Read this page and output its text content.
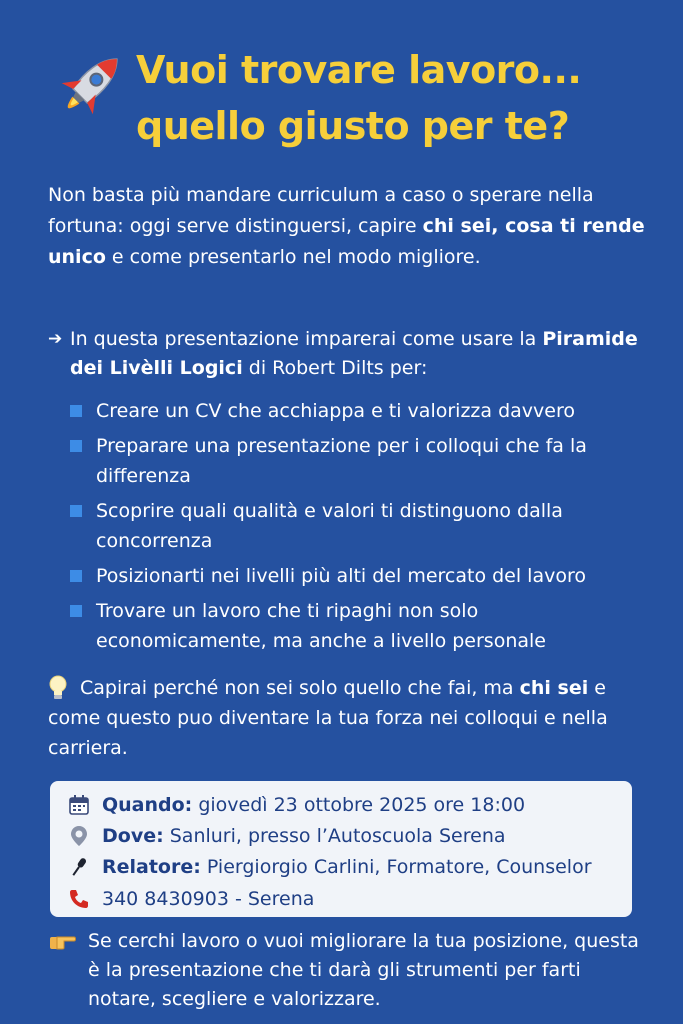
Vuoi trovare lavoro...
quello giusto per te?
Non basta più mandare curriculum a caso o sperare nella fortuna: oggi serve distinguersi, capire chi sei, cosa ti rende unico e come presentarlo nel modo migliore.
➔ In questa presentazione imparerai come usare la Piramide dei Livèlli Logici di Robert Dilts per:
Creare un CV che acchiappa e ti valorizza davvero
Preparare una presentazione per i colloqui che fa la differenza
Scoprire quali qualità e valori ti distinguono dalla concorrenza
Posizionarti nei livelli più alti del mercato del lavoro
Trovare un lavoro che ti ripaghi non solo economicamente, ma anche a livello personale
Capirai perché non sei solo quello che fai, ma chi sei e come questo puo diventare la tua forza nei colloqui e nella carriera.
Quando: giovedì 23 ottobre 2025 ore 18:00
Dove: Sanluri, presso l’Autoscuola Serena
Relatore: Piergiorgio Carlini, Formatore, Counselor
340 8430903 - Serena
Se cerchi lavoro o vuoi migliorare la tua posizione, questa è la presentazione che ti darà gli strumenti per farti notare, scegliere e valorizzare.
